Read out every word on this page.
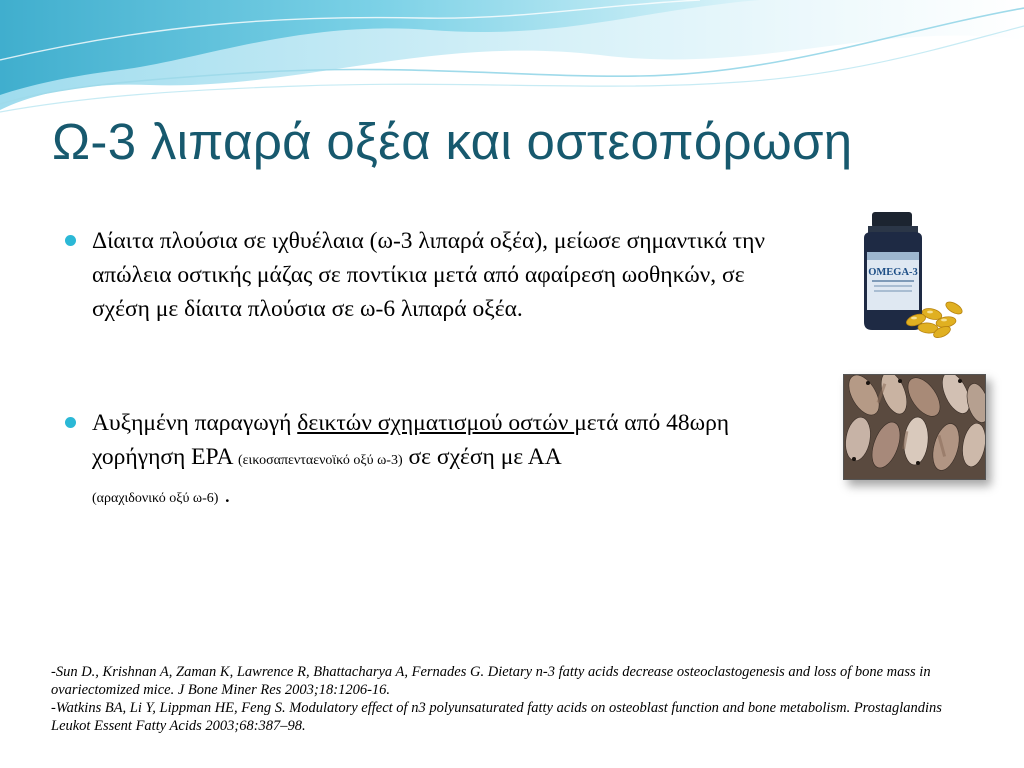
Ω-3 λιπαρά οξέα και οστεοπόρωση
Δίαιτα πλούσια σε ιχθυέλαια (ω-3 λιπαρά οξέα), μείωσε σημαντικά την απώλεια οστικής μάζας σε ποντίκια μετά από αφαίρεση ωοθηκών, σε σχέση με δίαιτα πλούσια σε ω-6 λιπαρά οξέα.
Αυξημένη παραγωγή δεικτών σχηματισμού οστών μετά από 48ωρη χορήγηση EPA (εικοσαπενταενοϊκό οξύ ω-3) σε σχέση με ΑΑ
(αραχιδονικό οξύ ω-6) .
OMEGA-3
-Sun D., Krishnan A, Zaman K, Lawrence R, Bhattacharya A, Fernades G. Dietary n-3 fatty acids decrease osteoclastogenesis and loss of bone mass in ovariectomized mice. J Bone Miner Res 2003;18:1206-16.
-Watkins BA, Li Y, Lippman HE, Feng S. Modulatory effect of n3 polyunsaturated fatty acids on osteoblast function and bone metabolism. Prostaglandins Leukot Essent Fatty Acids 2003;68:387–98.
